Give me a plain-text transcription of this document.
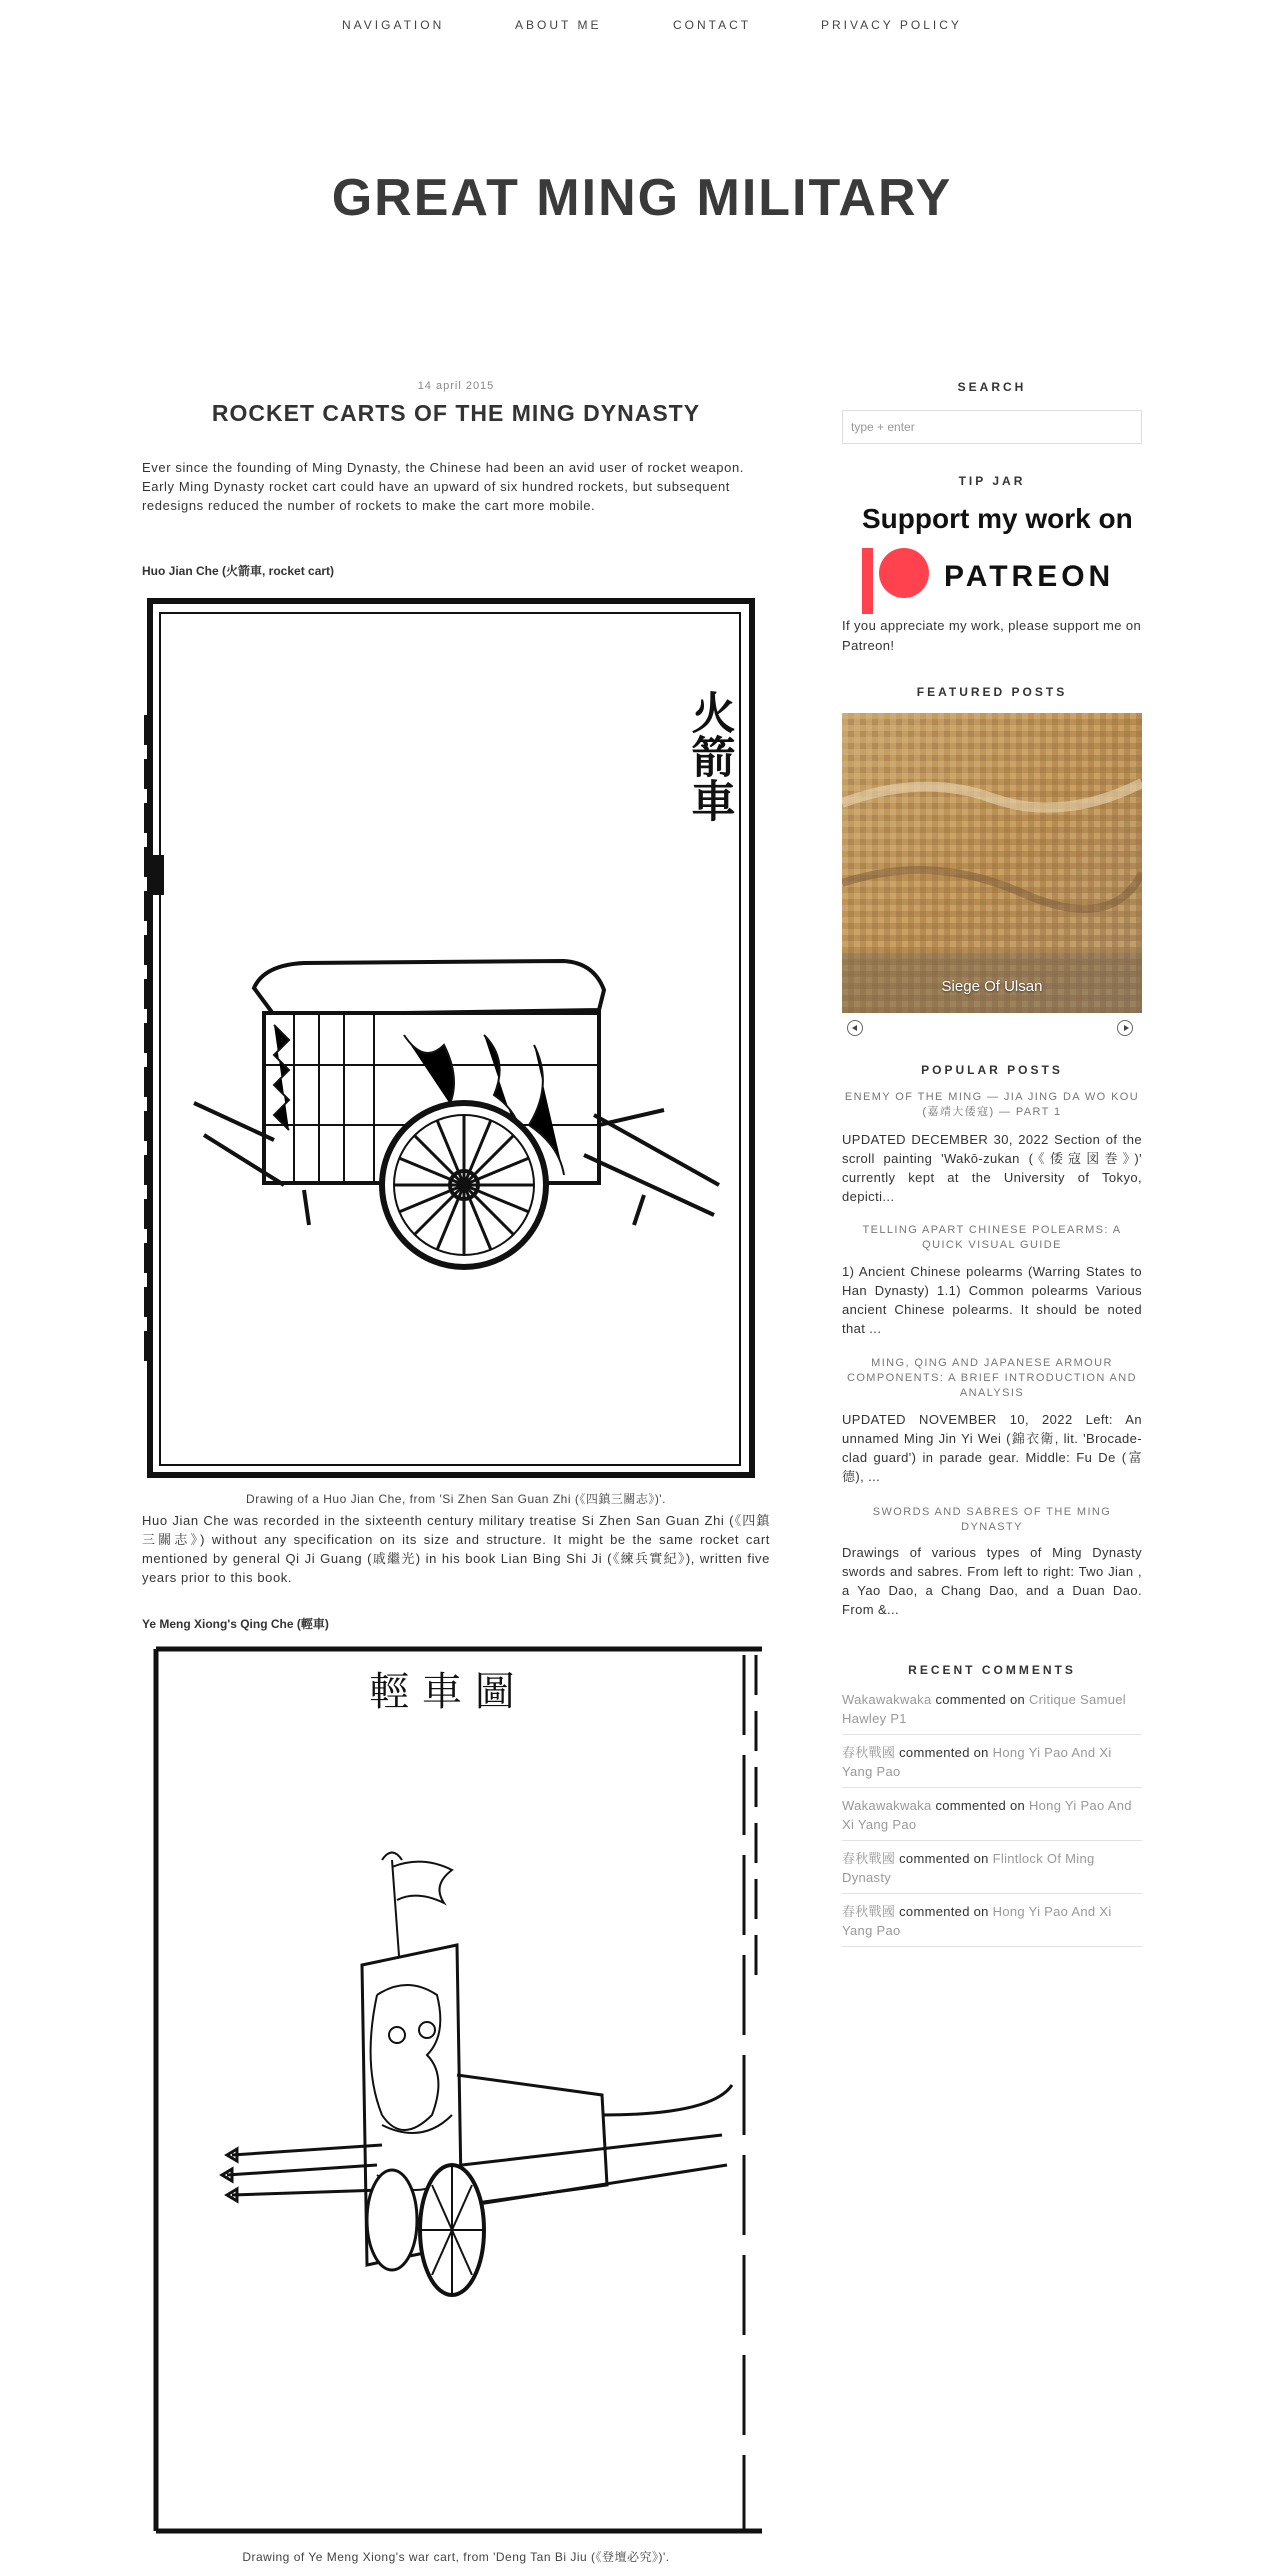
NAVIGATION	ABOUT ME	CONTACT	PRIVACY POLICY
GREAT MING MILITARY
14 april 2015
ROCKET CARTS OF THE MING DYNASTY

Ever since the founding of Ming Dynasty, the Chinese had been an avid user of rocket weapon. Early Ming Dynasty rocket cart could have an upward of six hundred rockets, but subsequent redesigns reduced the number of rockets to make the cart more mobile.

Huo Jian Che (火箭車, rocket cart)
火箭車
Drawing of a Huo Jian Che, from 'Si Zhen San Guan Zhi (《四鎮三關志》)'.

Huo Jian Che was recorded in the sixteenth century military treatise Si Zhen San Guan Zhi (《四鎮三關志》) without any specification on its size and structure. It might be the same rocket cart mentioned by general Qi Ji Guang (戚繼光) in his book Lian Bing Shi Ji (《練兵實紀》), written five years prior to this book.

Ye Meng Xiong's Qing Che (輕車)
輕 車 圖
Drawing of Ye Meng Xiong's war cart, from 'Deng Tan Bi Jiu (《登壇必究》)'.
SEARCH
type + enter
TIP JAR
Support my work on
PATREON

If you appreciate my work, please support me on Patreon!

FEATURED POSTS
Siege Of Ulsan
POPULAR POSTS
ENEMY OF THE MING — JIA JING DA WO KOU (嘉靖大倭寇) — PART 1

UPDATED DECEMBER 30, 2022 Section of the scroll painting 'Wakō-zukan (《倭寇図巻》)' currently kept at the University of Tokyo, depicti...

TELLING APART CHINESE POLEARMS: A QUICK VISUAL GUIDE

1) Ancient Chinese polearms (Warring States to Han Dynasty) 1.1) Common polearms Various ancient Chinese polearms. It should be noted that ...

MING, QING AND JAPANESE ARMOUR COMPONENTS: A BRIEF INTRODUCTION AND ANALYSIS

UPDATED NOVEMBER 10, 2022 Left: An unnamed Ming Jin Yi Wei (錦衣衛, lit. 'Brocade-clad guard') in parade gear. Middle: Fu De (富德), ...

SWORDS AND SABRES OF THE MING DYNASTY

Drawings of various types of Ming Dynasty swords and sabres. From left to right: Two Jian , a Yao Dao, a Chang Dao, and a Duan Dao. From &...

RECENT COMMENTS
Wakawakwaka commented on Critique Samuel Hawley P1
春秋戰國 commented on Hong Yi Pao And Xi Yang Pao
Wakawakwaka commented on Hong Yi Pao And Xi Yang Pao
春秋戰國 commented on Flintlock Of Ming Dynasty
春秋戰國 commented on Hong Yi Pao And Xi Yang Pao
